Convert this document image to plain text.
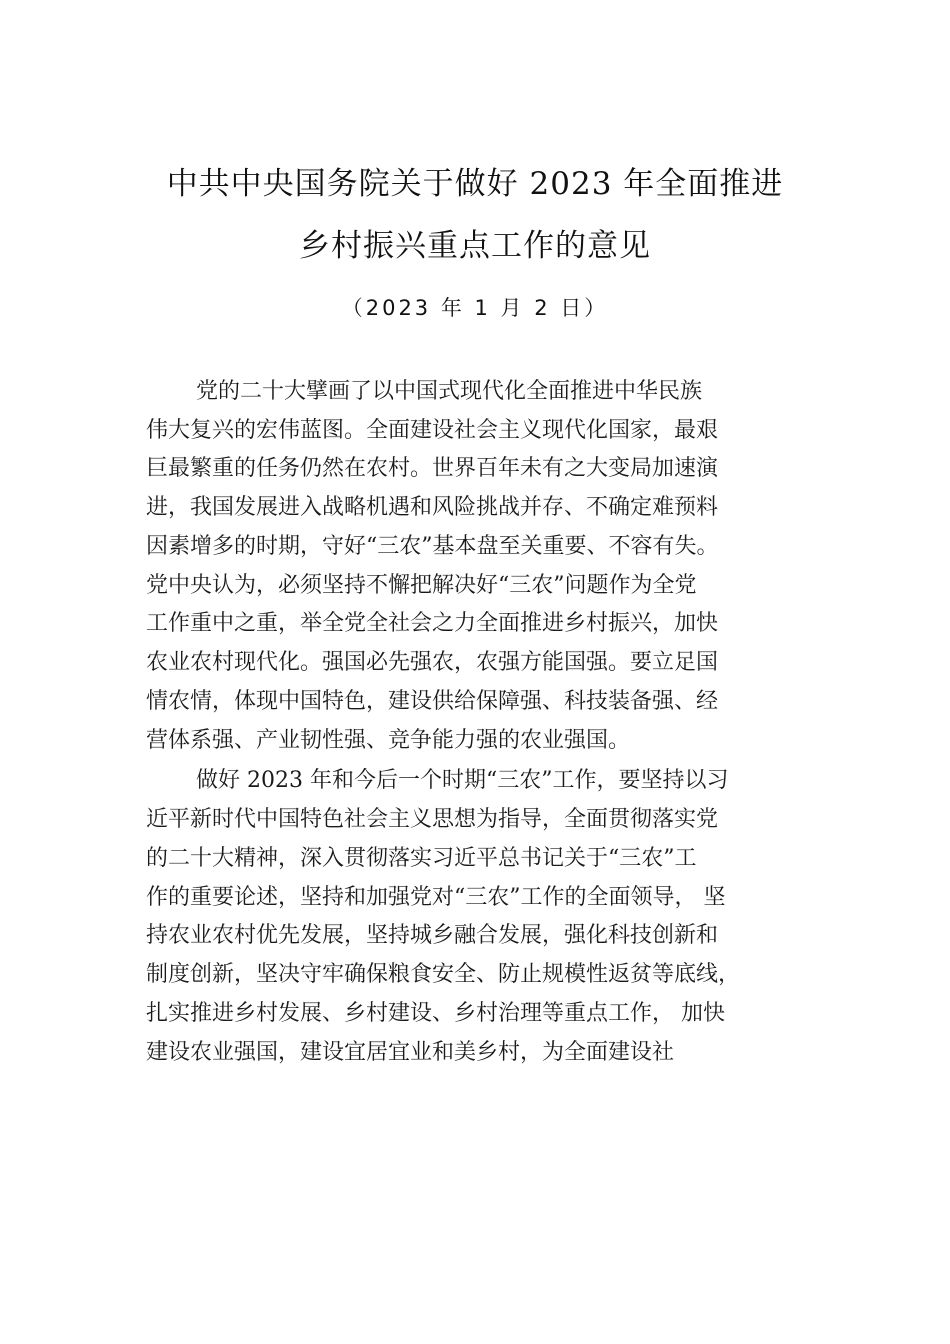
中共中央国务院关于做好 2023 年全面推进
乡村振兴重点工作的意见
（2023 年 1 月 2 日）
党的二十大擘画了以中国式现代化全面推进中华民族
伟大复兴的宏伟蓝图。全面建设社会主义现代化国家，最艰
巨最繁重的任务仍然在农村。世界百年未有之大变局加速演
进，我国发展进入战略机遇和风险挑战并存、不确定难预料
因素增多的时期，守好“三农”基本盘至关重要、不容有失。
党中央认为，必须坚持不懈把解决好“三农”问题作为全党
工作重中之重，举全党全社会之力全面推进乡村振兴，加快
农业农村现代化。强国必先强农，农强方能国强。要立足国
情农情，体现中国特色，建设供给保障强、科技装备强、经
营体系强、产业韧性强、竞争能力强的农业强国。
做好 2023 年和今后一个时期“三农”工作，要坚持以习
近平新时代中国特色社会主义思想为指导，全面贯彻落实党
的二十大精神，深入贯彻落实习近平总书记关于“三农”工
作的重要论述，坚持和加强党对“三农”工作的全面领导， 坚
持农业农村优先发展，坚持城乡融合发展，强化科技创新和
制度创新，坚决守牢确保粮食安全、防止规模性返贫等底线，
扎实推进乡村发展、乡村建设、乡村治理等重点工作， 加快
建设农业强国，建设宜居宜业和美乡村，为全面建设社
